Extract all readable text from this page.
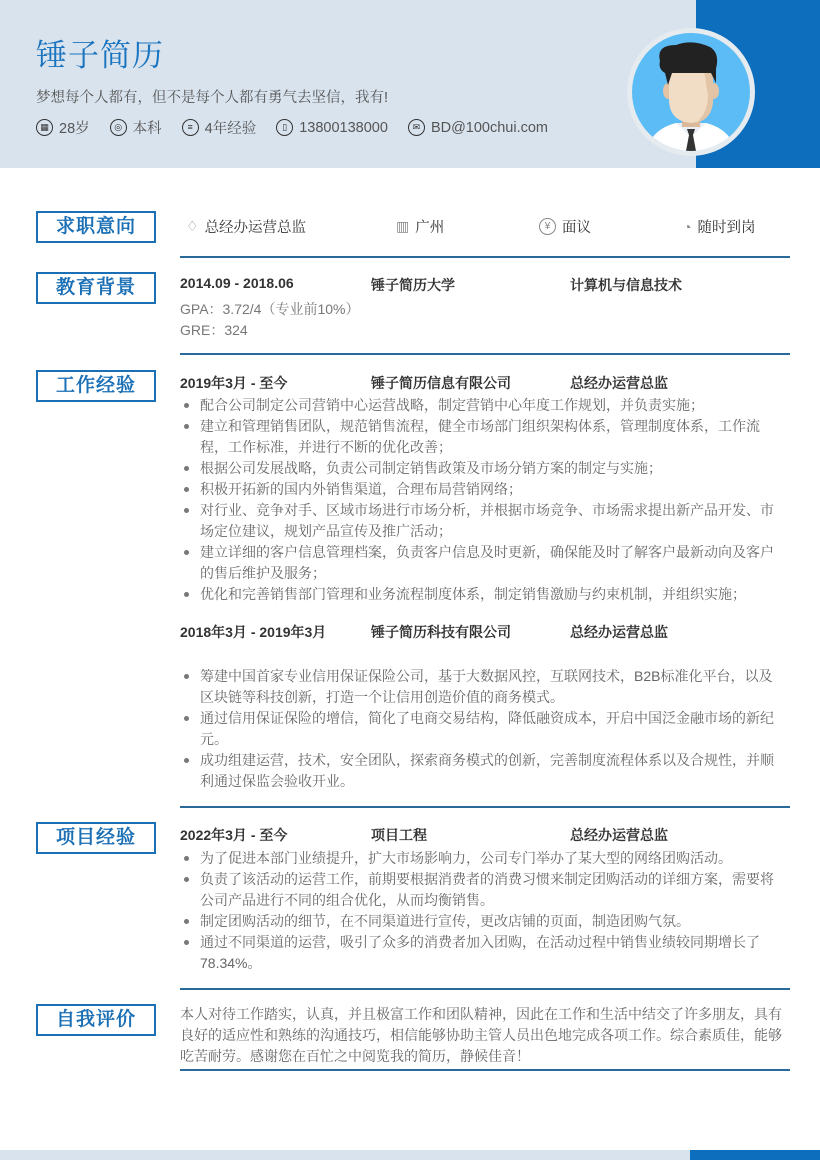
锤子简历
梦想每个人都有，但不是每个人都有勇气去坚信，我有!
▦ 28岁	◎ 本科	≡ 4年经验	▯ 13800138000	✉ BD@100chui.com
求职意向	♢ 总经办运营总监	▥ 广州	¥ 面议	◔ 随时到岗
教育背景	2014.09 - 2018.06	锤子简历大学	计算机与信息技术
GPA：3.72/4（专业前10%）
GRE：324
工作经验	2019年3月 - 至今	锤子简历信息有限公司	总经办运营总监
配合公司制定公司营销中心运营战略，制定营销中心年度工作规划，并负责实施；
建立和管理销售团队，规范销售流程，健全市场部门组织架构体系，管理制度体系，工作流程，工作标准，并进行不断的优化改善；
根据公司发展战略，负责公司制定销售政策及市场分销方案的制定与实施；
积极开拓新的国内外销售渠道，合理布局营销网络；
对行业、竞争对手、区域市场进行市场分析，并根据市场竞争、市场需求提出新产品开发、市场定位建议，规划产品宣传及推广活动；
建立详细的客户信息管理档案，负责客户信息及时更新，确保能及时了解客户最新动向及客户的售后维护及服务；
优化和完善销售部门管理和业务流程制度体系，制定销售激励与约束机制，并组织实施；
2018年3月 - 2019年3月	锤子简历科技有限公司	总经办运营总监
筹建中国首家专业信用保证保险公司，基于大数据风控，互联网技术，B2B标准化平台，以及区块链等科技创新，打造一个让信用创造价值的商务模式。
通过信用保证保险的增信，简化了电商交易结构，降低融资成本，开启中国泛金融市场的新纪元。
成功组建运营，技术，安全团队，探索商务模式的创新，完善制度流程体系以及合规性，并顺利通过保监会验收开业。
项目经验	2022年3月 - 至今	项目工程	总经办运营总监
为了促进本部门业绩提升，扩大市场影响力，公司专门举办了某大型的网络团购活动。
负责了该活动的运营工作，前期要根据消费者的消费习惯来制定团购活动的详细方案，需要将公司产品进行不同的组合优化，从而均衡销售。
制定团购活动的细节，在不同渠道进行宣传，更改店铺的页面，制造团购气氛。
通过不同渠道的运营，吸引了众多的消费者加入团购，在活动过程中销售业绩较同期增长了78.34%。
自我评价	本人对待工作踏实，认真，并且极富工作和团队精神，因此在工作和生活中结交了许多朋友，具有良好的适应性和熟练的沟通技巧，相信能够协助主管人员出色地完成各项工作。综合素质佳，能够吃苦耐劳。感谢您在百忙之中阅览我的简历，静候佳音！
